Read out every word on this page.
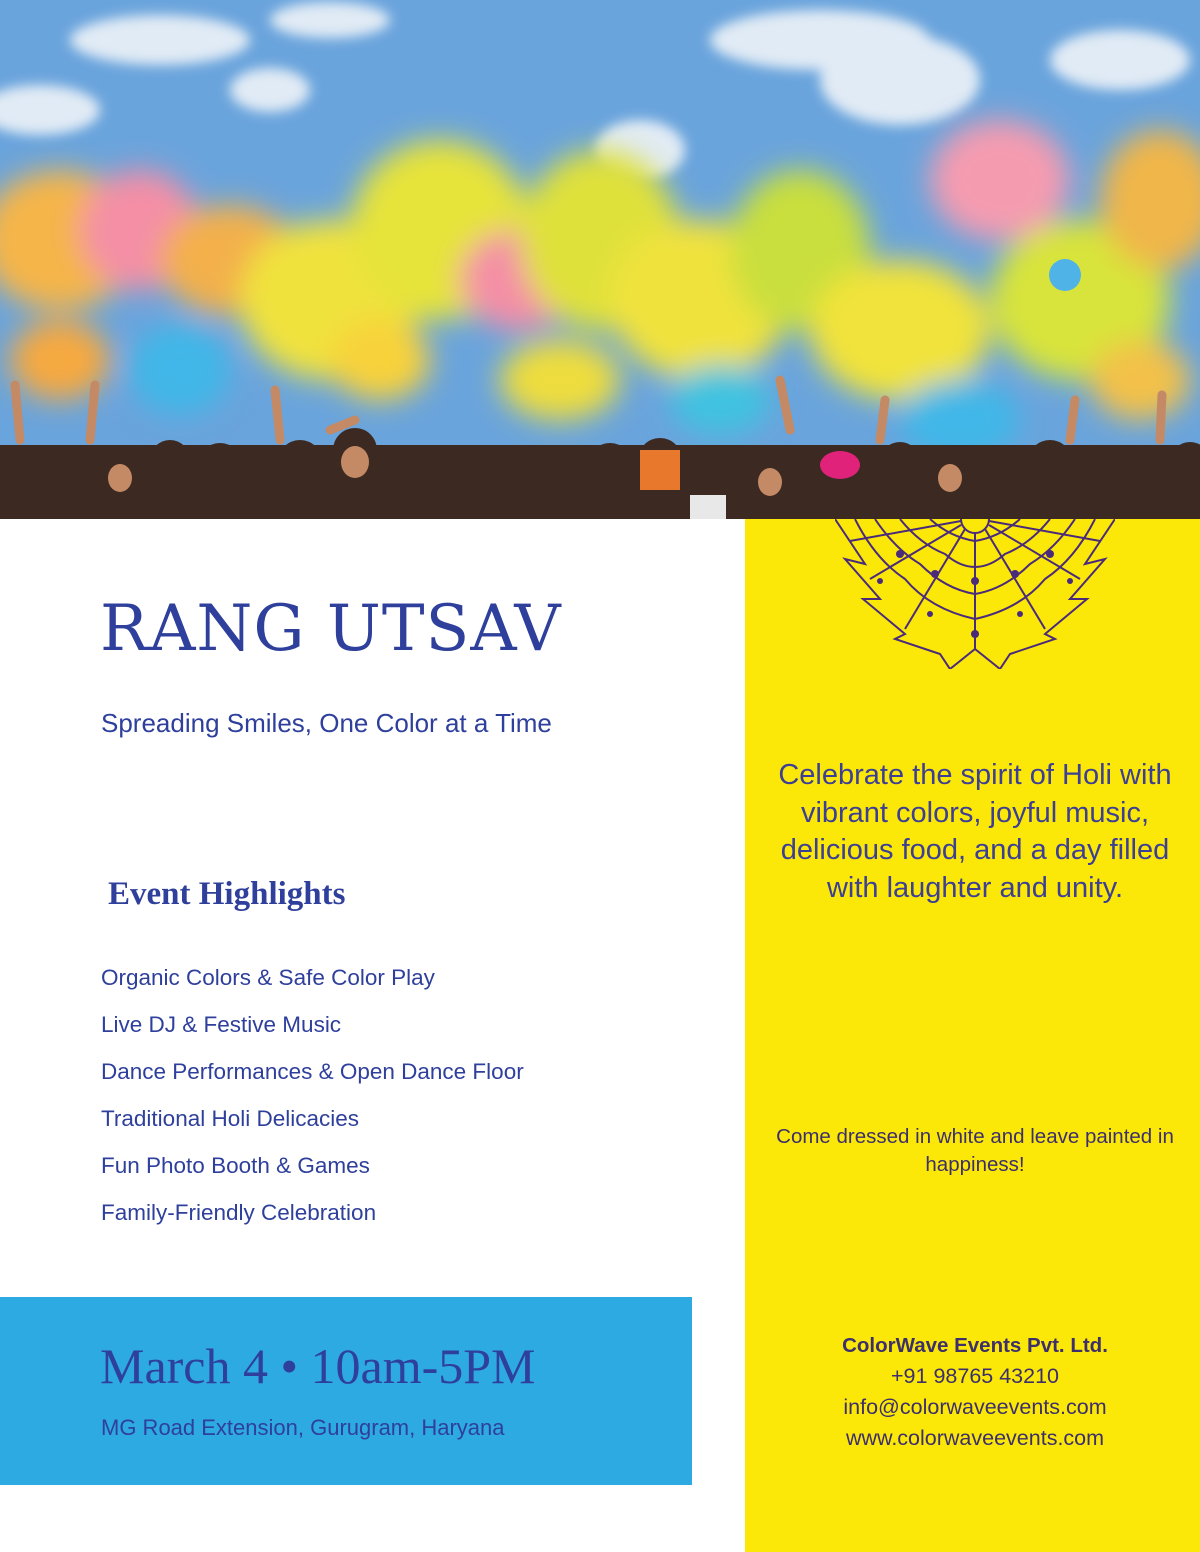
RANG UTSAV

Spreading Smiles, One Color at a Time

Event Highlights
Organic Colors & Safe Color Play
Live DJ & Festive Music
Dance Performances & Open Dance Floor
Traditional Holi Delicacies
Fun Photo Booth & Games
Family-Friendly Celebration

March 4 • 10am-5PM

MG Road Extension, Gurugram, Haryana

Celebrate the spirit of Holi with vibrant colors, joyful music, delicious food, and a day filled with laughter and unity.

Come dressed in white and leave painted in happiness!

ColorWave Events Pvt. Ltd.
+91 98765 43210
info@colorwaveevents.com
www.colorwaveevents.com
